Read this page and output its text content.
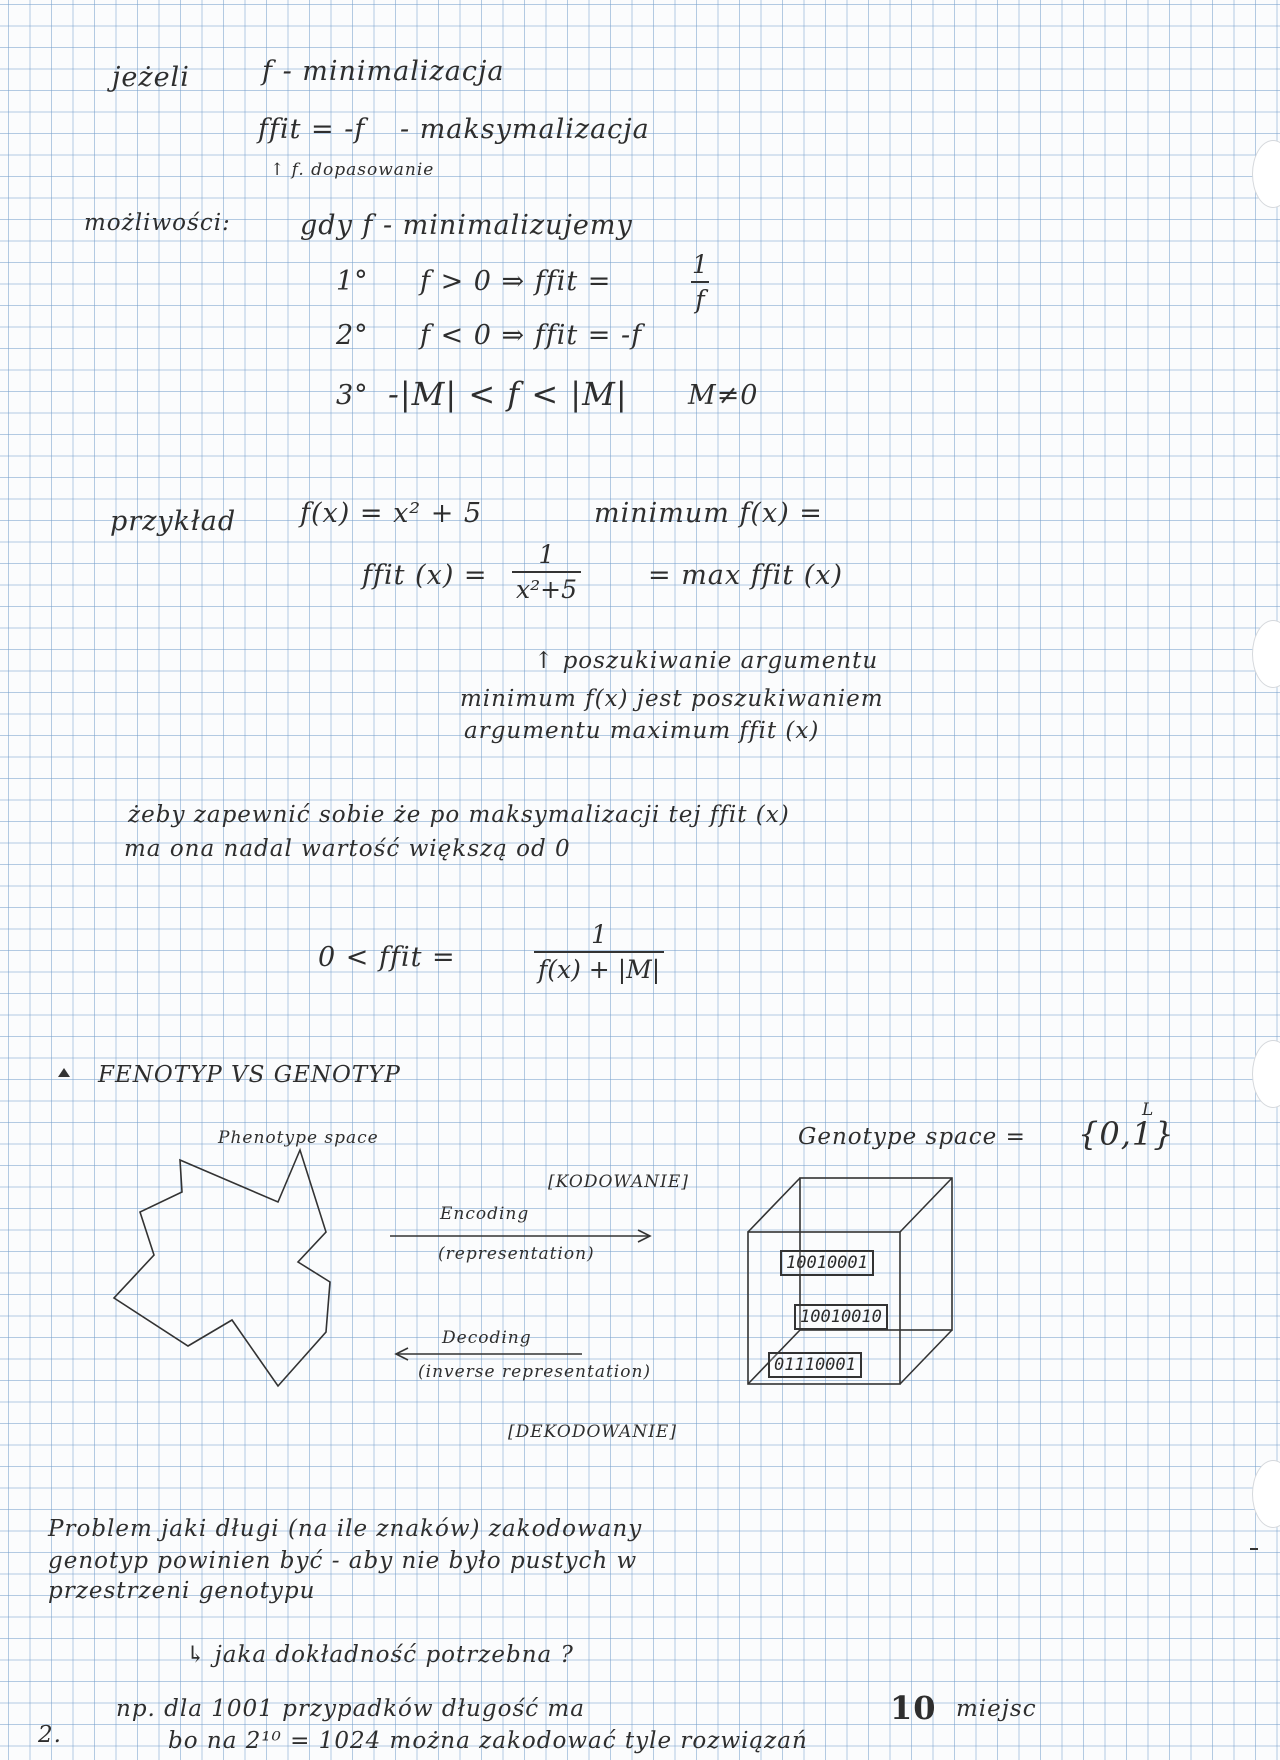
jeżeli	f - minimalizacja
ffit = -f - maksymalizacja
↑ f. dopasowanie
możliwości:	gdy f - minimalizujemy
1° f > 0 ⇒ ffit =	$\frac{1}{f}$
2° f < 0 ⇒ ffit = -f
3° -|M| < f < |M| M≠0
przykład f(x) = x² + 5	minimum f(x) =
ffit $(x) = \frac{1}{\text{x²+5}} = \max$ ffit (x)
↑ poszukiwanie argumentu
minimum f(x) jest poszukiwaniem
argumentu maximum ffit (x)
żeby zapewnić sobie że po maksymalizacji tej ffit (x)
ma ona nadal wartość większą od 0
0 < ffit =	$\frac{1}{f(x) + |M|}$
FENOTYP VS GENOTYP
Phenotype space	Genotype space = {0,1}
L
[KODOWANIE]
Encoding
(representation)
Decoding
(inverse representation)
[DEKODOWANIE]
10010001
10010010
01110001
Problem jaki długi (na ile znaków) zakodowany
genotyp powinien być - aby nie było pustych w
przestrzeni genotypu
↳ jaka dokładność potrzebna ?
np. dla 1001 przypadków długość ma	10 miejsc
bo na 2¹⁰ = 1024 można zakodować tyle rozwiązań
2.
